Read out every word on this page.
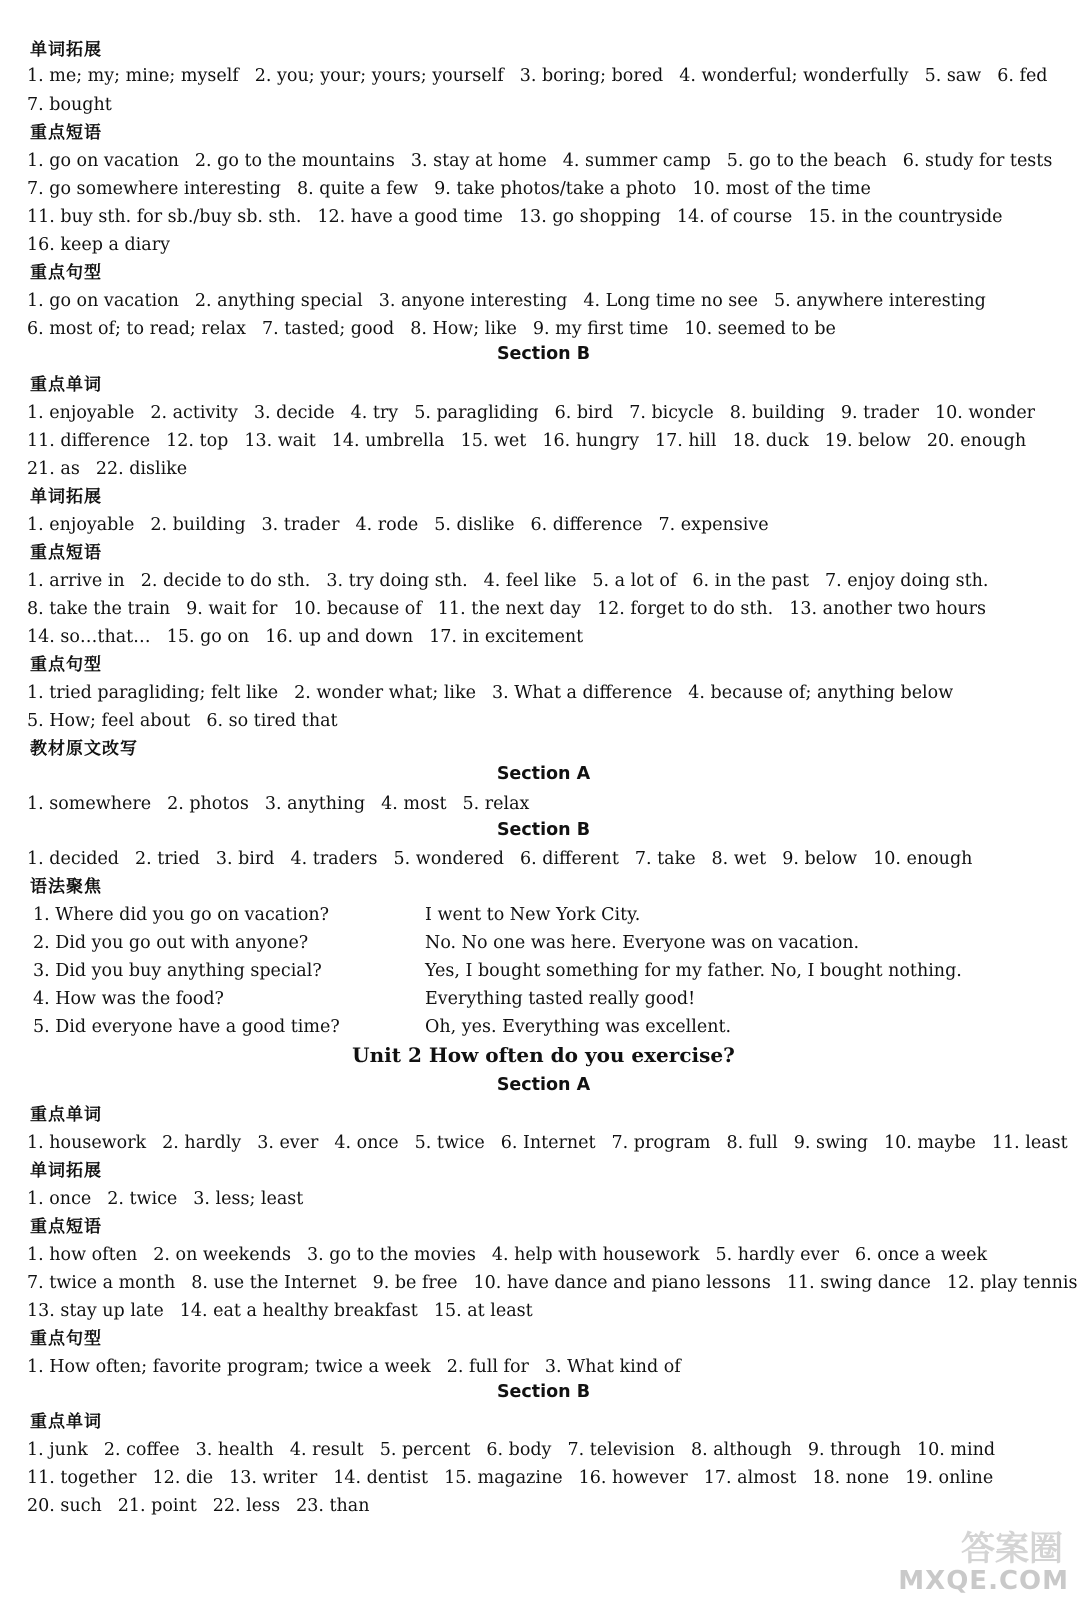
单词拓展
1. me; my; mine; myself 2. you; your; yours; yourself 3. boring; bored 4. wonderful; wonderfully 5. saw 6. fed
7. bought
重点短语
1. go on vacation 2. go to the mountains 3. stay at home 4. summer camp 5. go to the beach 6. study for tests
7. go somewhere interesting 8. quite a few 9. take photos/take a photo 10. most of the time
11. buy sth. for sb./buy sb. sth. 12. have a good time 13. go shopping 14. of course 15. in the countryside
16. keep a diary
重点句型
1. go on vacation 2. anything special 3. anyone interesting 4. Long time no see 5. anywhere interesting
6. most of; to read; relax 7. tasted; good 8. How; like 9. my first time 10. seemed to be
Section B
重点单词
1. enjoyable 2. activity 3. decide 4. try 5. paragliding 6. bird 7. bicycle 8. building 9. trader 10. wonder
11. difference 12. top 13. wait 14. umbrella 15. wet 16. hungry 17. hill 18. duck 19. below 20. enough
21. as 22. dislike
单词拓展
1. enjoyable 2. building 3. trader 4. rode 5. dislike 6. difference 7. expensive
重点短语
1. arrive in 2. decide to do sth. 3. try doing sth. 4. feel like 5. a lot of 6. in the past 7. enjoy doing sth.
8. take the train 9. wait for 10. because of 11. the next day 12. forget to do sth. 13. another two hours
14. so…that… 15. go on 16. up and down 17. in excitement
重点句型
1. tried paragliding; felt like 2. wonder what; like 3. What a difference 4. because of; anything below
5. How; feel about 6. so tired that
教材原文改写
Section A
1. somewhere 2. photos 3. anything 4. most 5. relax
Section B
1. decided 2. tried 3. bird 4. traders 5. wondered 6. different 7. take 8. wet 9. below 10. enough
语法聚焦
1. Where did you go on vacation?	I went to New York City.
2. Did you go out with anyone?	No. No one was here. Everyone was on vacation.
3. Did you buy anything special?	Yes, I bought something for my father. No, I bought nothing.
4. How was the food?	Everything tasted really good!
5. Did everyone have a good time?	Oh, yes. Everything was excellent.
Unit 2 How often do you exercise?
Section A
重点单词
1. housework 2. hardly 3. ever 4. once 5. twice 6. Internet 7. program 8. full 9. swing 10. maybe 11. least
单词拓展
1. once 2. twice 3. less; least
重点短语
1. how often 2. on weekends 3. go to the movies 4. help with housework 5. hardly ever 6. once a week
7. twice a month 8. use the Internet 9. be free 10. have dance and piano lessons 11. swing dance 12. play tennis
13. stay up late 14. eat a healthy breakfast 15. at least
重点句型
1. How often; favorite program; twice a week 2. full for 3. What kind of
Section B
重点单词
1. junk 2. coffee 3. health 4. result 5. percent 6. body 7. television 8. although 9. through 10. mind
11. together 12. die 13. writer 14. dentist 15. magazine 16. however 17. almost 18. none 19. online
20. such 21. point 22. less 23. than
答案圈
MXQE.COM
